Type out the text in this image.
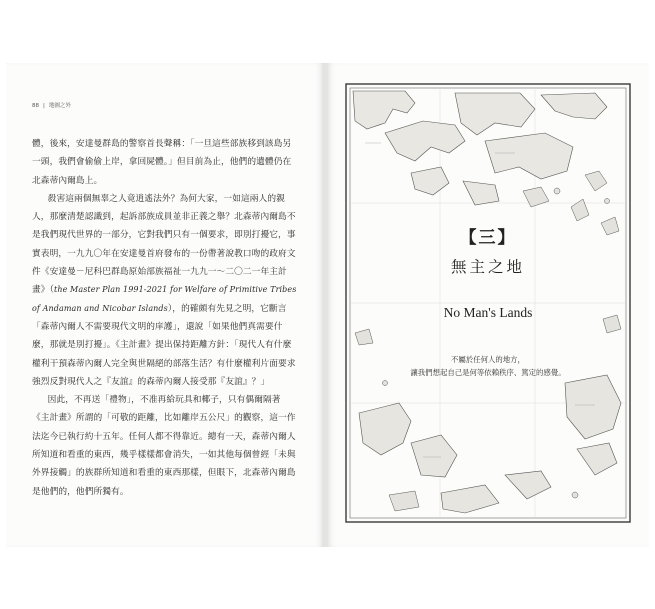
88 | 地圖之外

體，後來，安達曼群島的警察首長聲稱：「一旦這些部族移到該島另一頭，我們會偷偷上岸，拿回屍體。」但目前為止，他們的遺體仍在北森蒂內爾島上。

殺害這兩個無辜之人竟逍遙法外？為何大家，一如這兩人的親人，那麼清楚認識到，起訴部族成員並非正義之舉？北森蒂內爾島不是我們現代世界的一部分，它對我們只有一個要求，即別打擾它，事實表明，一九九〇年在安達曼首府發布的一份帶著說教口吻的政府文件《安達曼－尼科巴群島原始部族福祉一九九一～二〇二一年主計畫》（the Master Plan 1991-2021 for Welfare of Primitive Tribes of Andaman and Nicobar Islands），的確頗有先見之明，它斷言「森蒂內爾人不需要現代文明的庠護」，還說「如果他們真需要什麼，那就是別打擾」。《主計畫》提出保持距離方針：「現代人有什麼權利干預森蒂內爾人完全與世隔絕的部落生活？有什麼權利片面要求強烈反對現代人之『友誼』的森蒂內爾人接受那『友誼』？」

因此，不再送「禮物」，不准再給玩具和椰子，只有偶爾隔著《主計畫》所謂的「可敬的距離，比如離岸五公尺」的觀察，這一作法迄今已執行約十五年。任何人都不得靠近。總有一天，森蒂內爾人所知道和看重的東西，幾乎樣樣都會消失，一如其他每個曾經「未與外界接觸」的族群所知道和看重的東西那樣，但眼下，北森蒂內爾島是他們的，他們所獨有。

【三】
無主之地
No Man's Lands
不屬於任何人的地方，
讓我們想起自己是何等依賴秩序、篤定的感覺。
